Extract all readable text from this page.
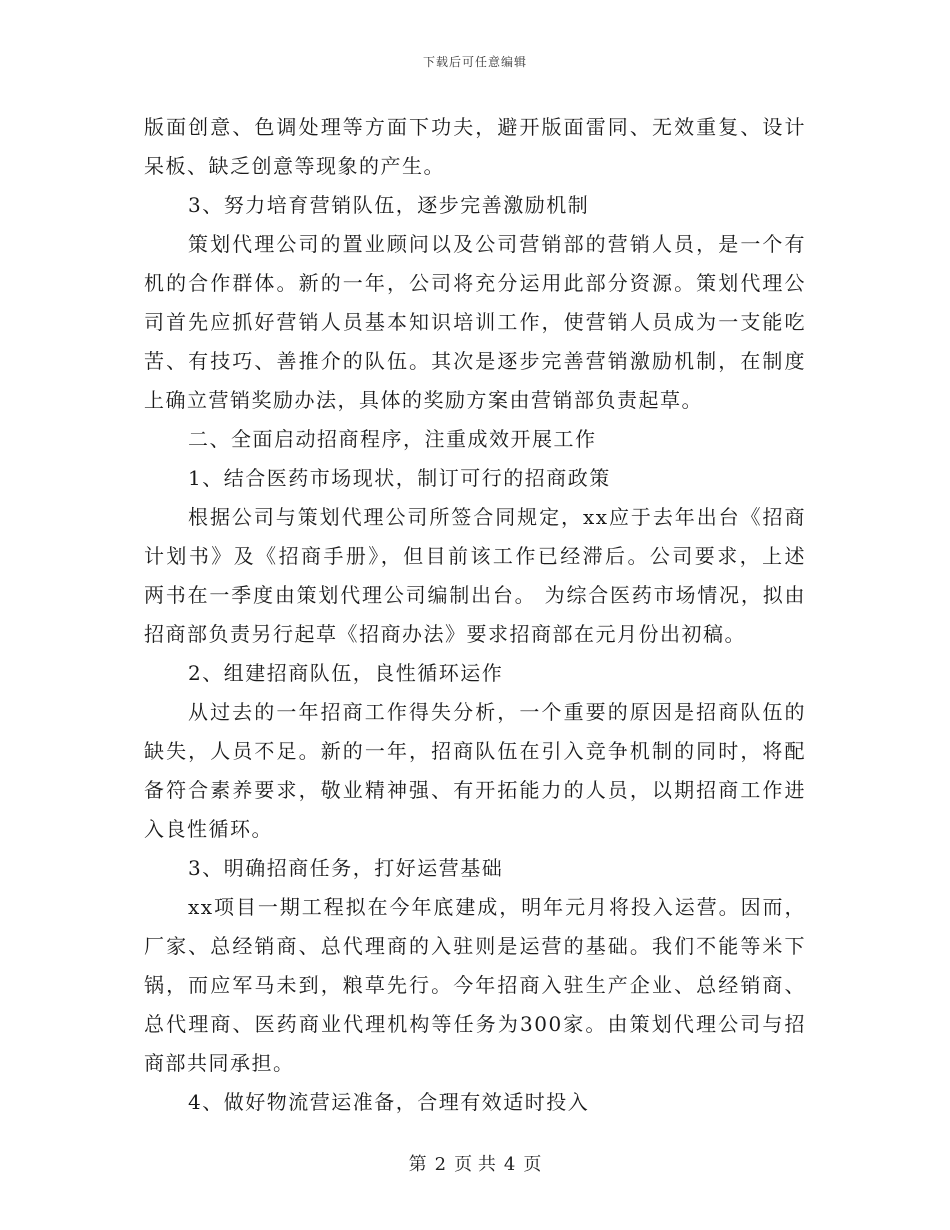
下载后可任意编辑
版面创意、色调处理等方面下功夫，避开版面雷同、无效重复、设计
呆板、缺乏创意等现象的产生。
3、努力培育营销队伍，逐步完善激励机制
策划代理公司的置业顾问以及公司营销部的营销人员，是一个有
机的合作群体。新的一年，公司将充分运用此部分资源。策划代理公
司首先应抓好营销人员基本知识培训工作，使营销人员成为一支能吃
苦、有技巧、善推介的队伍。其次是逐步完善营销激励机制，在制度
上确立营销奖励办法，具体的奖励方案由营销部负责起草。
二、全面启动招商程序，注重成效开展工作
1、结合医药市场现状，制订可行的招商政策
根据公司与策划代理公司所签合同规定，xx应于去年出台《招商
计划书》及《招商手册》，但目前该工作已经滞后。公司要求，上述
两书在一季度由策划代理公司编制出台。 为综合医药市场情况，拟由
招商部负责另行起草《招商办法》要求招商部在元月份出初稿。
2、组建招商队伍，良性循环运作
从过去的一年招商工作得失分析，一个重要的原因是招商队伍的
缺失，人员不足。新的一年，招商队伍在引入竞争机制的同时，将配
备符合素养要求，敬业精神强、有开拓能力的人员，以期招商工作进
入良性循环。
3、明确招商任务，打好运营基础
xx项目一期工程拟在今年底建成，明年元月将投入运营。因而，
厂家、总经销商、总代理商的入驻则是运营的基础。我们不能等米下
锅，而应军马未到，粮草先行。今年招商入驻生产企业、总经销商、
总代理商、医药商业代理机构等任务为300家。由策划代理公司与招
商部共同承担。
4、做好物流营运准备，合理有效适时投入
第 2 页 共 4 页
